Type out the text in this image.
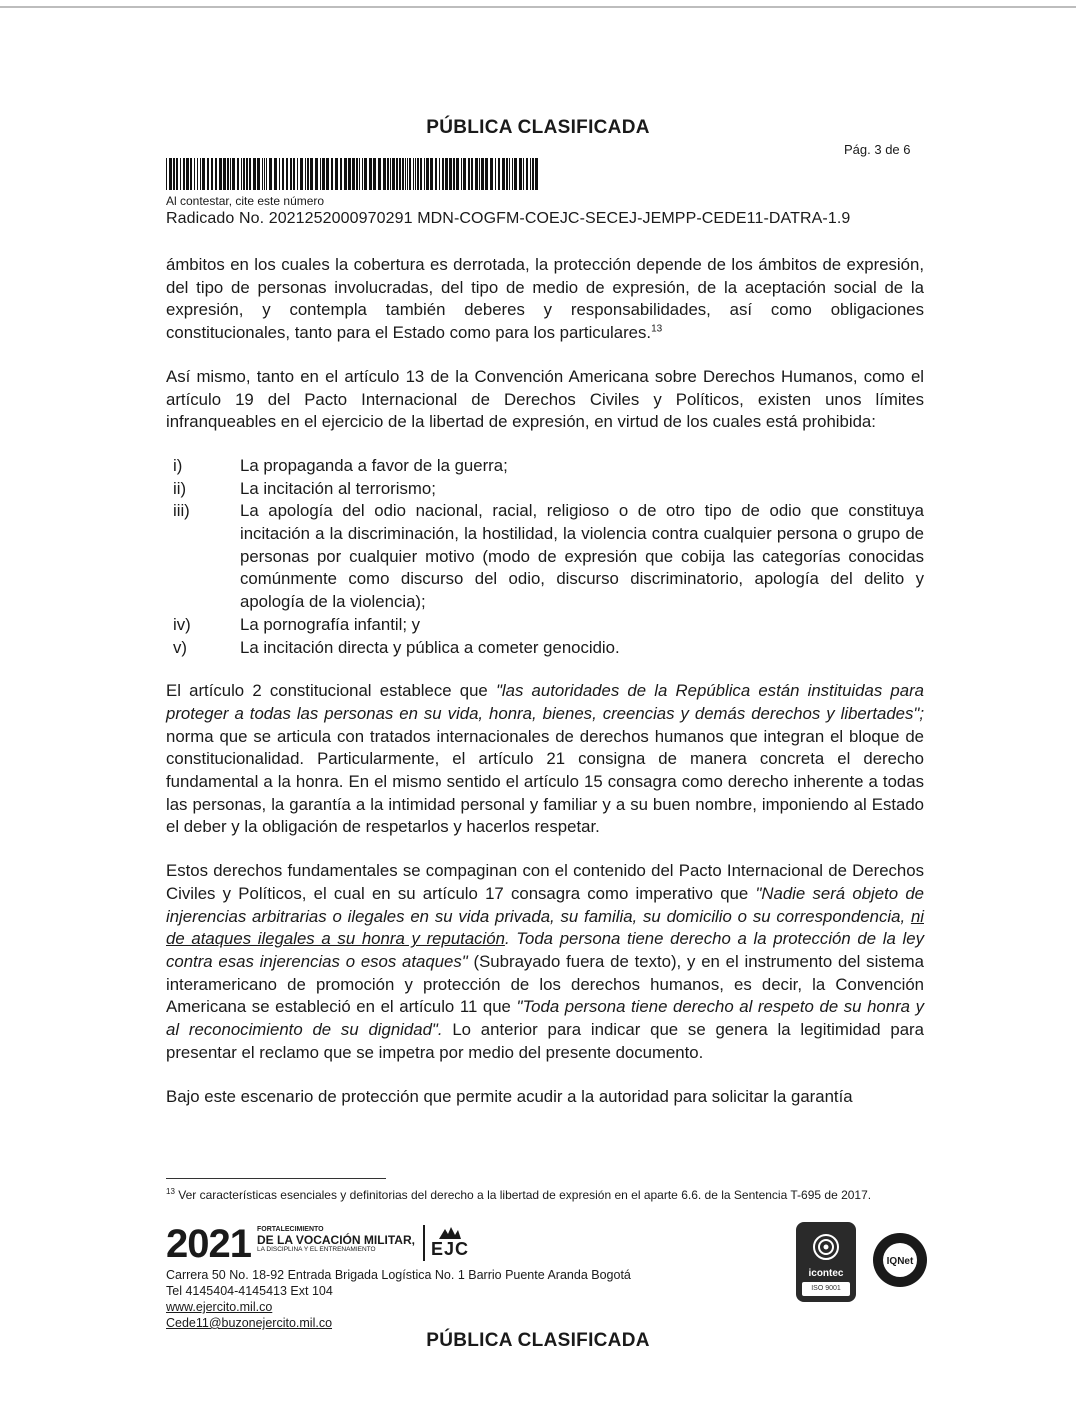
PÚBLICA CLASIFICADA
Pág. 3 de 6
Al contestar, cite este número
Radicado No. 2021252000970291 MDN-COGFM-COEJC-SECEJ-JEMPP-CEDE11-DATRA-1.9

ámbitos en los cuales la cobertura es derrotada, la protección depende de los ámbitos de expresión, del tipo de personas involucradas, del tipo de medio de expresión, de la aceptación social de la expresión, y contempla también deberes y responsabilidades, así como obligaciones constitucionales, tanto para el Estado como para los particulares.$^{13}$

Así mismo, tanto en el artículo 13 de la Convención Americana sobre Derechos Humanos, como el artículo 19 del Pacto Internacional de Derechos Civiles y Políticos, existen unos límites infranqueables en el ejercicio de la libertad de expresión, en virtud de los cuales está prohibida:

i)	La propaganda a favor de la guerra;
ii)	La incitación al terrorismo;
iii)	La apología del odio nacional, racial, religioso o de otro tipo de odio que constituya incitación a la discriminación, la hostilidad, la violencia contra cualquier persona o grupo de personas por cualquier motivo (modo de expresión que cobija las categorías conocidas comúnmente como discurso del odio, discurso discriminatorio, apología del delito y apología de la violencia);
iv)	La pornografía infantil; y
v)	La incitación directa y pública a cometer genocidio.

El artículo 2 constitucional establece que "las autoridades de la República están instituidas para proteger a todas las personas en su vida, honra, bienes, creencias y demás derechos y libertades"; norma que se articula con tratados internacionales de derechos humanos que integran el bloque de constitucionalidad. Particularmente, el artículo 21 consigna de manera concreta el derecho fundamental a la honra. En el mismo sentido el artículo 15 consagra como derecho inherente a todas las personas, la garantía a la intimidad personal y familiar y a su buen nombre, imponiendo al Estado el deber y la obligación de respetarlos y hacerlos respetar.

Estos derechos fundamentales se compaginan con el contenido del Pacto Internacional de Derechos Civiles y Políticos, el cual en su artículo 17 consagra como imperativo que "Nadie será objeto de injerencias arbitrarias o ilegales en su vida privada, su familia, su domicilio o su correspondencia, ni de ataques ilegales a su honra y reputación. Toda persona tiene derecho a la protección de la ley contra esas injerencias o esos ataques" (Subrayado fuera de texto), y en el instrumento del sistema interamericano de promoción y protección de los derechos humanos, es decir, la Convención Americana se estableció en el artículo 11 que "Toda persona tiene derecho al respeto de su honra y al reconocimiento de su dignidad". Lo anterior para indicar que se genera la legitimidad para presentar el reclamo que se impetra por medio del presente documento.

Bajo este escenario de protección que permite acudir a la autoridad para solicitar la garantía

$^{13}$ Ver características esenciales y definitorias del derecho a la libertad de expresión en el aparte 6.6. de la Sentencia T-695 de 2017.
2021 FORTALECIMIENTO
DE LA VOCACIÓN MILITAR,
LA DISCIPLINA Y EL ENTRENAMIENTO	EJC
Carrera 50 No. 18-92 Entrada Brigada Logística No. 1 Barrio Puente Aranda Bogotá
Tel 4145404-4145413 Ext 104
www.ejercito.mil.co
Cede11@buzonejercito.mil.co
icontec
ISO 9001
IQNet
PÚBLICA CLASIFICADA
